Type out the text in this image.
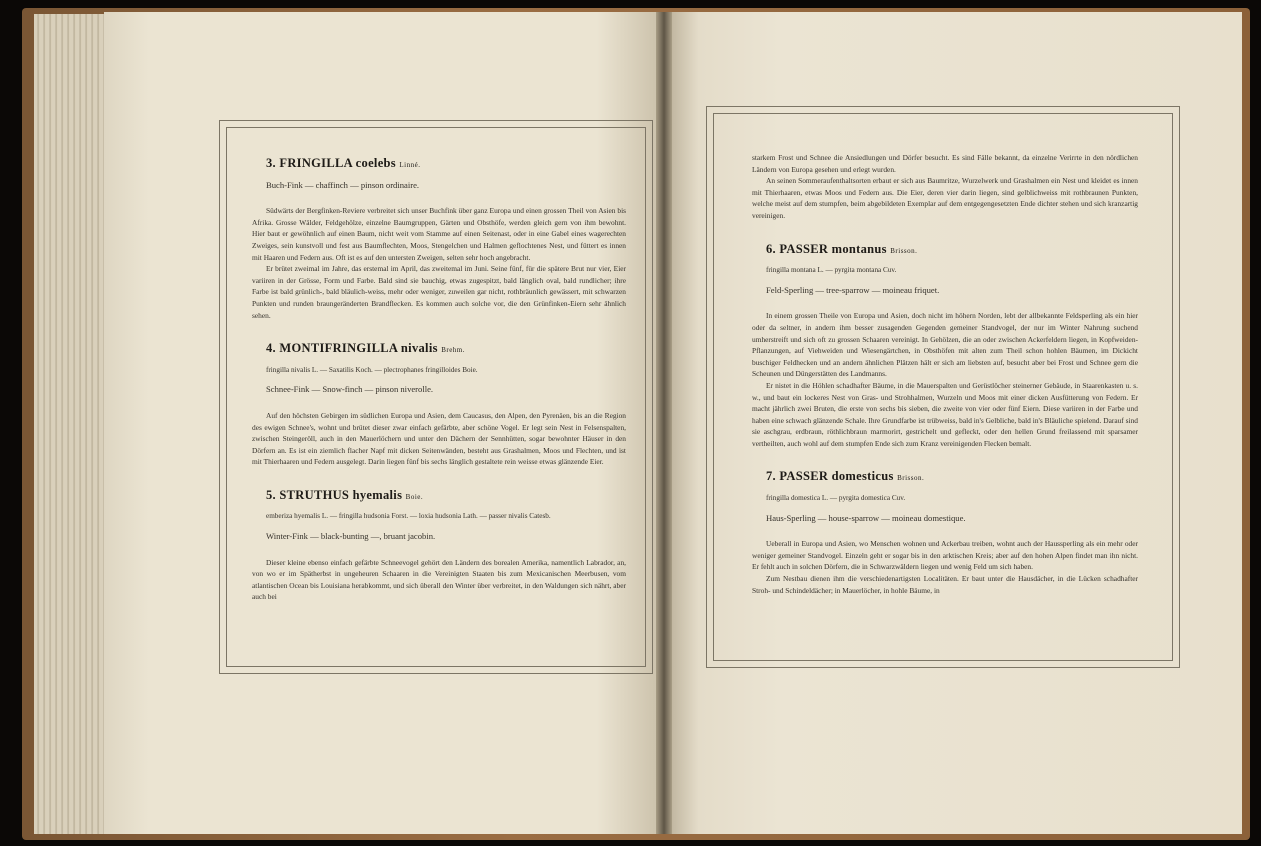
3. FRINGILLA coelebs Linné.

Buch-Fink — chaffinch — pinson ordinaire.

Südwärts der Bergfinken-Reviere verbreitet sich unser Buchfink über ganz Europa und einen grossen Theil von Asien bis Afrika. Grosse Wälder, Feldgehölze, einzelne Baumgruppen, Gärten und Obsthöfe, werden gleich gern von ihm bewohnt. Hier baut er gewöhnlich auf einen Baum, nicht weit vom Stamme auf einen Seitenast, oder in eine Gabel eines wagerechten Zweiges, sein kunstvoll und fest aus Baumflechten, Moos, Stengelchen und Halmen geflochtenes Nest, und füttert es innen mit Haaren und Federn aus. Oft ist es auf den untersten Zweigen, selten sehr hoch angebracht.

Er brütet zweimal im Jahre, das erstemal im April, das zweitemal im Juni. Seine fünf, für die spätere Brut nur vier, Eier variiren in der Grösse, Form und Farbe. Bald sind sie bauchig, etwas zugespitzt, bald länglich oval, bald rundlicher; ihre Farbe ist bald grünlich-, bald bläulich-weiss, mehr oder weniger, zuweilen gar nicht, rothbräunlich gewässert, mit schwarzen Punkten und runden braungeränderten Brandflecken. Es kommen auch solche vor, die den Grünfinken-Eiern sehr ähnlich sehen.

4. MONTIFRINGILLA nivalis Brehm.

fringilla nivalis L. — Saxatilis Koch. — plectrophanes fringilloides Boie.

Schnee-Fink — Snow-finch — pinson niverolle.

Auf den höchsten Gebirgen im südlichen Europa und Asien, dem Caucasus, den Alpen, den Pyrenäen, bis an die Region des ewigen Schnee's, wohnt und brütet dieser zwar einfach gefärbte, aber schöne Vogel. Er legt sein Nest in Felsenspalten, zwischen Steingeröll, auch in den Mauerlöchern und unter den Dächern der Sennhütten, sogar bewohnter Häuser in den Dörfern an. Es ist ein ziemlich flacher Napf mit dicken Seitenwänden, besteht aus Grashalmen, Moos und Flechten, und ist mit Thierhaaren und Federn ausgelegt. Darin liegen fünf bis sechs länglich gestaltete rein weisse etwas glänzende Eier.

5. STRUTHUS hyemalis Boie.

emberiza hyemalis L. — fringilla hudsonia Forst. — loxia hudsonia Lath. — passer nivalis Catesb.

Winter-Fink — black-bunting —, bruant jacobin.

Dieser kleine ebenso einfach gefärbte Schneevogel gehört den Ländern des borealen Amerika, namentlich Labrador, an, von wo er im Spätherbst in ungeheuren Schaaren in die Vereinigten Staaten bis zum Mexicanischen Meerbusen, vom atlantischen Ocean bis Louisiana herabkommt, und sich überall den Winter über verbreitet, in den Waldungen sich nährt, aber auch bei

starkem Frost und Schnee die Ansiedlungen und Dörfer besucht. Es sind Fälle bekannt, da einzelne Verirrte in den nördlichen Ländern von Europa gesehen und erlegt wurden.

An seinen Sommeraufenthaltsorten erbaut er sich aus Baumritze, Wurzelwerk und Grashalmen ein Nest und kleidet es innen mit Thierhaaren, etwas Moos und Federn aus. Die Eier, deren vier darin liegen, sind gelblichweiss mit rothbraunen Punkten, welche meist auf dem stumpfen, beim abgebildeten Exemplar auf dem entgegengesetzten Ende dichter stehen und sich kranzartig vereinigen.

6. PASSER montanus Brisson.

fringilla montana L. — pyrgita montana Cuv.

Feld-Sperling — tree-sparrow — moineau friquet.

In einem grossen Theile von Europa und Asien, doch nicht im höhern Norden, lebt der allbekannte Feldsperling als ein hier oder da seltner, in andern ihm besser zusagenden Gegenden gemeiner Standvogel, der nur im Winter Nahrung suchend umherstreift und sich oft zu grossen Schaaren vereinigt. In Gehölzen, die an oder zwischen Ackerfeldern liegen, in Kopfweiden-Pflanzungen, auf Viehweiden und Wiesengärtchen, in Obsthöfen mit alten zum Theil schon hohlen Bäumen, im Dickicht buschiger Feldhecken und an andern ähnlichen Plätzen hält er sich am liebsten auf, besucht aber bei Frost und Schnee gern die Scheunen und Düngerstätten des Landmanns.

Er nistet in die Höhlen schadhafter Bäume, in die Mauerspalten und Gerüstlöcher steinerner Gebäude, in Staarenkasten u. s. w., und baut ein lockeres Nest von Gras- und Strohhalmen, Wurzeln und Moos mit einer dicken Ausfütterung von Federn. Er macht jährlich zwei Bruten, die erste von sechs bis sieben, die zweite von vier oder fünf Eiern. Diese variiren in der Farbe und haben eine schwach glänzende Schale. Ihre Grundfarbe ist trübweiss, bald in's Gelbliche, bald in's Bläuliche spielend. Darauf sind sie aschgrau, erdbraun, röthlichbraun marmorirt, gestrichelt und gefleckt, oder den hellen Grund freilassend mit sparsamer vertheilten, auch wohl auf dem stumpfen Ende sich zum Kranz vereinigenden Flecken bemalt.

7. PASSER domesticus Brisson.

fringilla domestica L. — pyrgita domestica Cuv.

Haus-Sperling — house-sparrow — moineau domestique.

Ueberall in Europa und Asien, wo Menschen wohnen und Ackerbau treiben, wohnt auch der Haussperling als ein mehr oder weniger gemeiner Standvogel. Einzeln geht er sogar bis in den arktischen Kreis; aber auf den hohen Alpen findet man ihn nicht. Er fehlt auch in solchen Dörfern, die in Schwarzwäldern liegen und wenig Feld um sich haben.

Zum Nestbau dienen ihm die verschiedenartigsten Localitäten. Er baut unter die Hausdächer, in die Lücken schadhafter Stroh- und Schindeldächer; in Mauerlöcher, in hohle Bäume, in
